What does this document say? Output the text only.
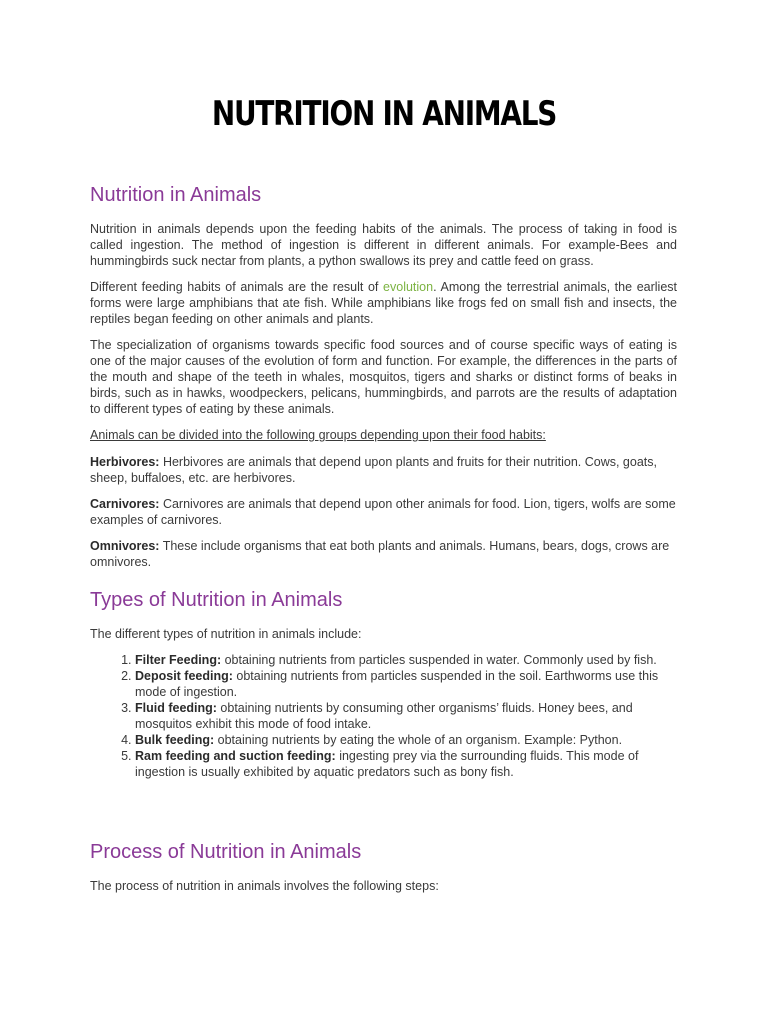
NUTRITION IN ANIMALS
Nutrition in Animals

Nutrition in animals depends upon the feeding habits of the animals. The process of taking in food is called ingestion. The method of ingestion is different in different animals. For example-Bees and hummingbirds suck nectar from plants, a python swallows its prey and cattle feed on grass.

Different feeding habits of animals are the result of evolution. Among the terrestrial animals, the earliest forms were large amphibians that ate fish. While amphibians like frogs fed on small fish and insects, the reptiles began feeding on other animals and plants.

The specialization of organisms towards specific food sources and of course specific ways of eating is one of the major causes of the evolution of form and function. For example, the differences in the parts of the mouth and shape of the teeth in whales, mosquitos, tigers and sharks or distinct forms of beaks in birds, such as in hawks, woodpeckers, pelicans, hummingbirds, and parrots are the results of adaptation to different types of eating by these animals.

Animals can be divided into the following groups depending upon their food habits:

Herbivores: Herbivores are animals that depend upon plants and fruits for their nutrition. Cows, goats, sheep, buffaloes, etc. are herbivores.

Carnivores: Carnivores are animals that depend upon other animals for food. Lion, tigers, wolfs are some examples of carnivores.

Omnivores: These include organisms that eat both plants and animals. Humans, bears, dogs, crows are omnivores.

Types of Nutrition in Animals

The different types of nutrition in animals include:

1. Filter Feeding: obtaining nutrients from particles suspended in water. Commonly used by fish.
2. Deposit feeding: obtaining nutrients from particles suspended in the soil. Earthworms use this mode of ingestion.
3. Fluid feeding: obtaining nutrients by consuming other organisms’ fluids. Honey bees, and mosquitos exhibit this mode of food intake.
4. Bulk feeding: obtaining nutrients by eating the whole of an organism. Example: Python.
5. Ram feeding and suction feeding: ingesting prey via the surrounding fluids. This mode of ingestion is usually exhibited by aquatic predators such as bony fish.
Process of Nutrition in Animals

The process of nutrition in animals involves the following steps:
